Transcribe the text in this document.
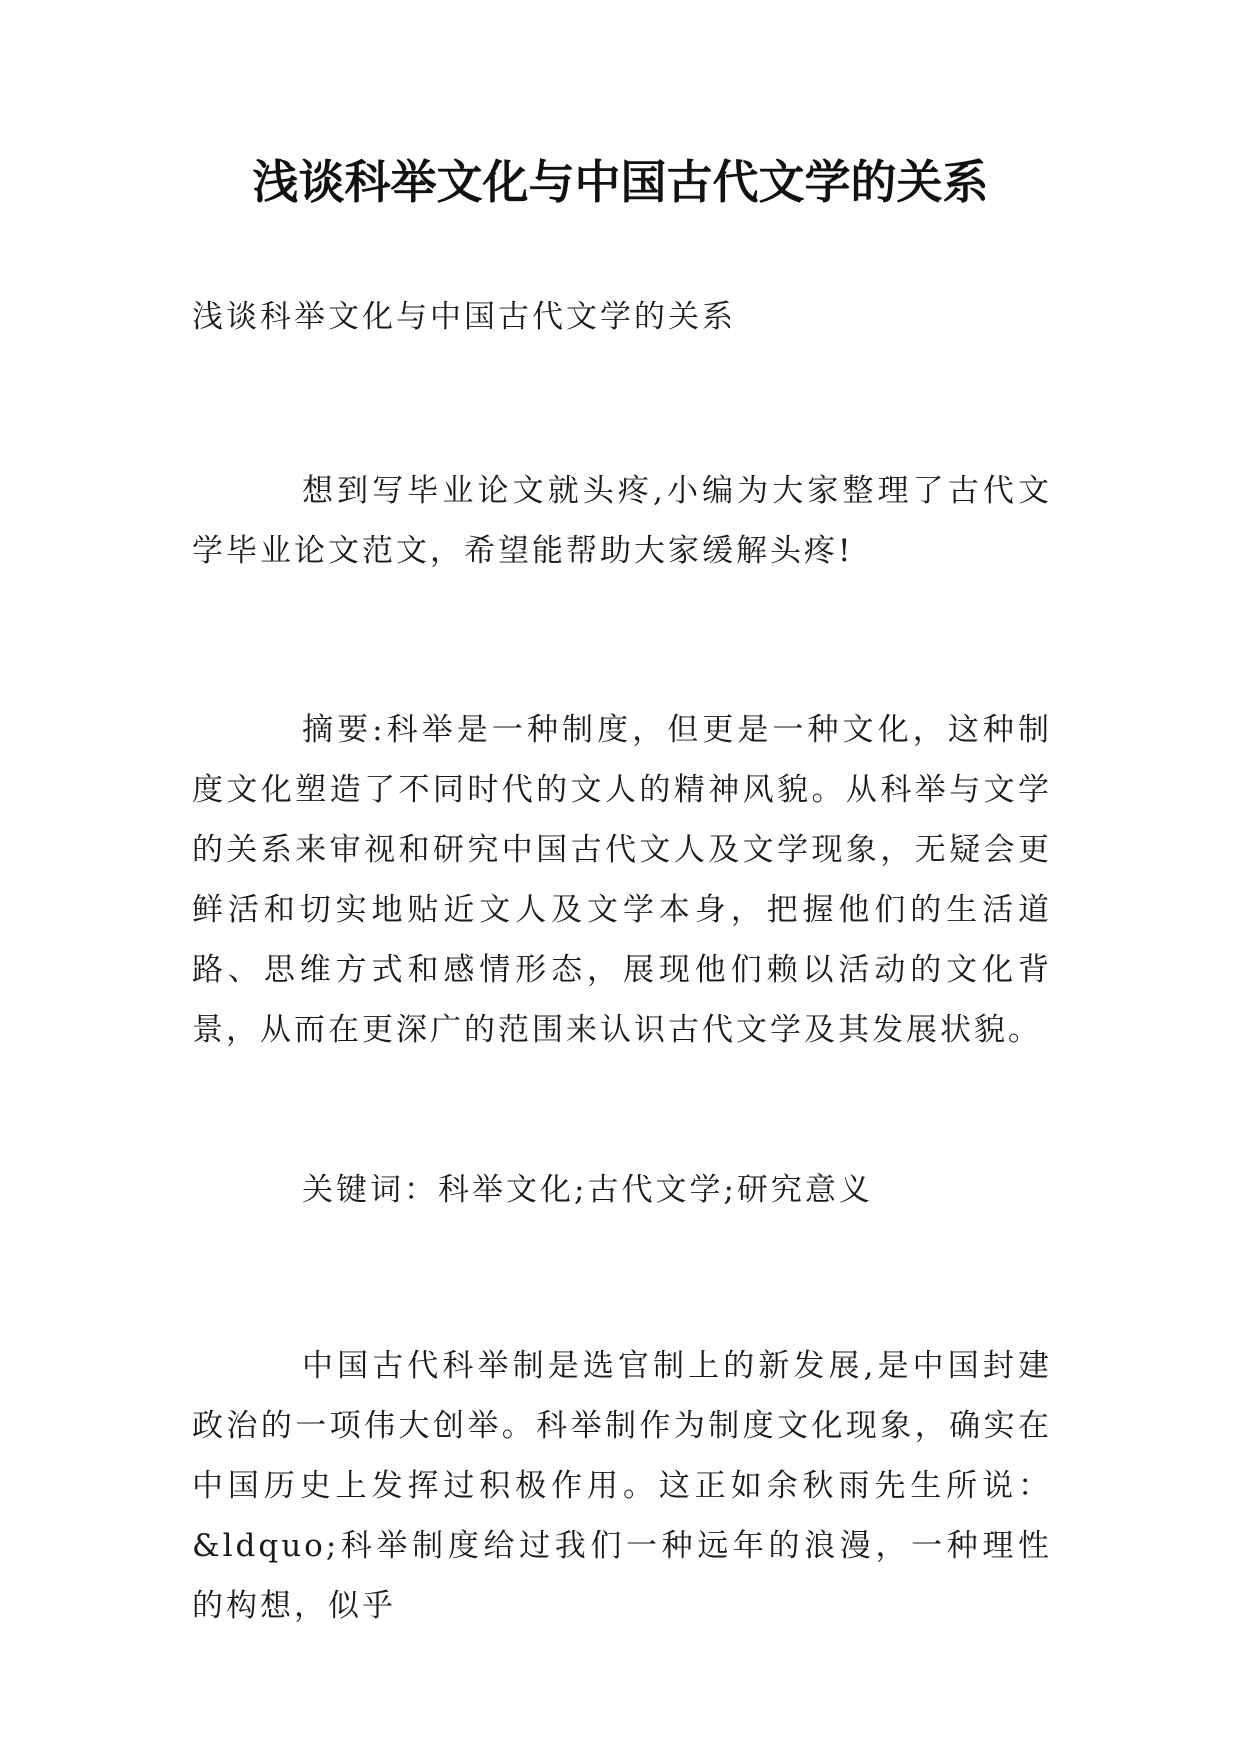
浅谈科举文化与中国古代文学的关系

浅谈科举文化与中国古代文学的关系

想到写毕业论文就头疼,小编为大家整理了古代文学毕业论文范文，希望能帮助大家缓解头疼!

摘要:科举是一种制度，但更是一种文化，这种制度文化塑造了不同时代的文人的精神风貌。从科举与文学的关系来审视和研究中国古代文人及文学现象，无疑会更鲜活和切实地贴近文人及文学本身，把握他们的生活道路、思维方式和感情形态，展现他们赖以活动的文化背景，从而在更深广的范围来认识古代文学及其发展状貌。

关键词：科举文化;古代文学;研究意义

中国古代科举制是选官制上的新发展,是中国封建政治的一项伟大创举。科举制作为制度文化现象，确实在中国历史上发挥过积极作用。这正如余秋雨先生所说：&ldquo;科举制度给过我们一种远年的浪漫，一种理性的构想，似乎
